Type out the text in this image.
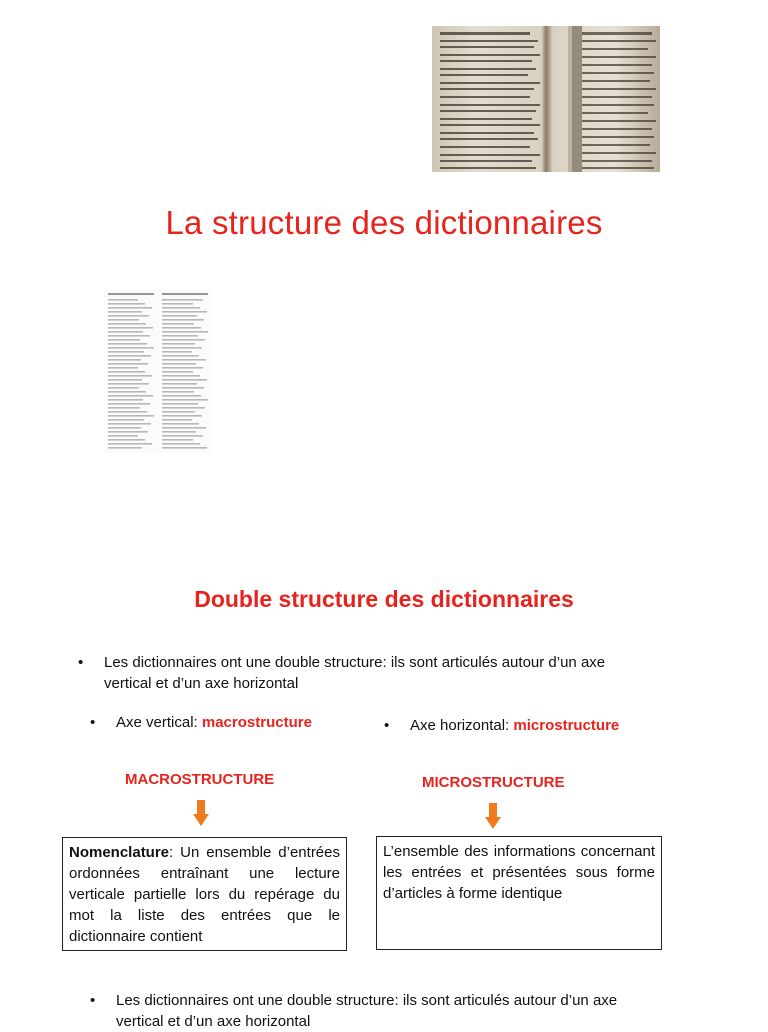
La structure des dictionnaires
Double structure des dictionnaires
• Les dictionnaires ont une double structure: ils sont articulés autour d’un axe
vertical et d’un axe horizontal
• Axe vertical: macrostructure	• Axe horizontal: microstructure
MACROSTRUCTURE	MICROSTRUCTURE
Nomenclature: Un ensemble d’entrées ordonnées entraînant une lecture verticale partielle lors du repérage du mot la liste des entrées que le dictionnaire contient
L’ensemble des informations concernant les entrées et présentées sous forme d’articles à forme identique
• Les dictionnaires ont une double structure: ils sont articulés autour d’un axe
vertical et d’un axe horizontal
